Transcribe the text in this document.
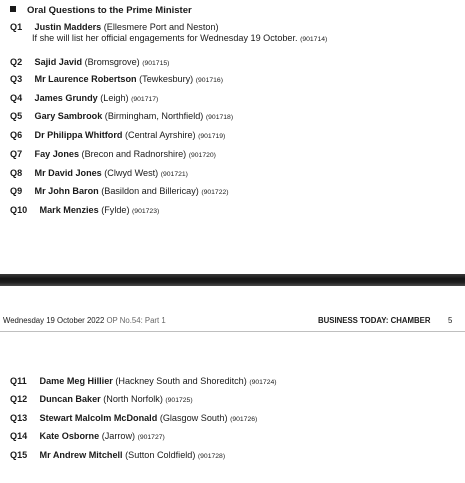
Oral Questions to the Prime Minister
Q1 Justin Madders (Ellesmere Port and Neston)
If she will list her official engagements for Wednesday 19 October. (901714)
Q2 Sajid Javid (Bromsgrove) (901715)
Q3 Mr Laurence Robertson (Tewkesbury) (901716)
Q4 James Grundy (Leigh) (901717)
Q5 Gary Sambrook (Birmingham, Northfield) (901718)
Q6 Dr Philippa Whitford (Central Ayrshire) (901719)
Q7 Fay Jones (Brecon and Radnorshire) (901720)
Q8 Mr David Jones (Clwyd West) (901721)
Q9 Mr John Baron (Basildon and Billericay) (901722)
Q10 Mark Menzies (Fylde) (901723)
Wednesday 19 October 2022 OP No.54: Part 1	BUSINESS TODAY: CHAMBER 5
Q11 Dame Meg Hillier (Hackney South and Shoreditch) (901724)
Q12 Duncan Baker (North Norfolk) (901725)
Q13 Stewart Malcolm McDonald (Glasgow South) (901726)
Q14 Kate Osborne (Jarrow) (901727)
Q15 Mr Andrew Mitchell (Sutton Coldfield) (901728)
